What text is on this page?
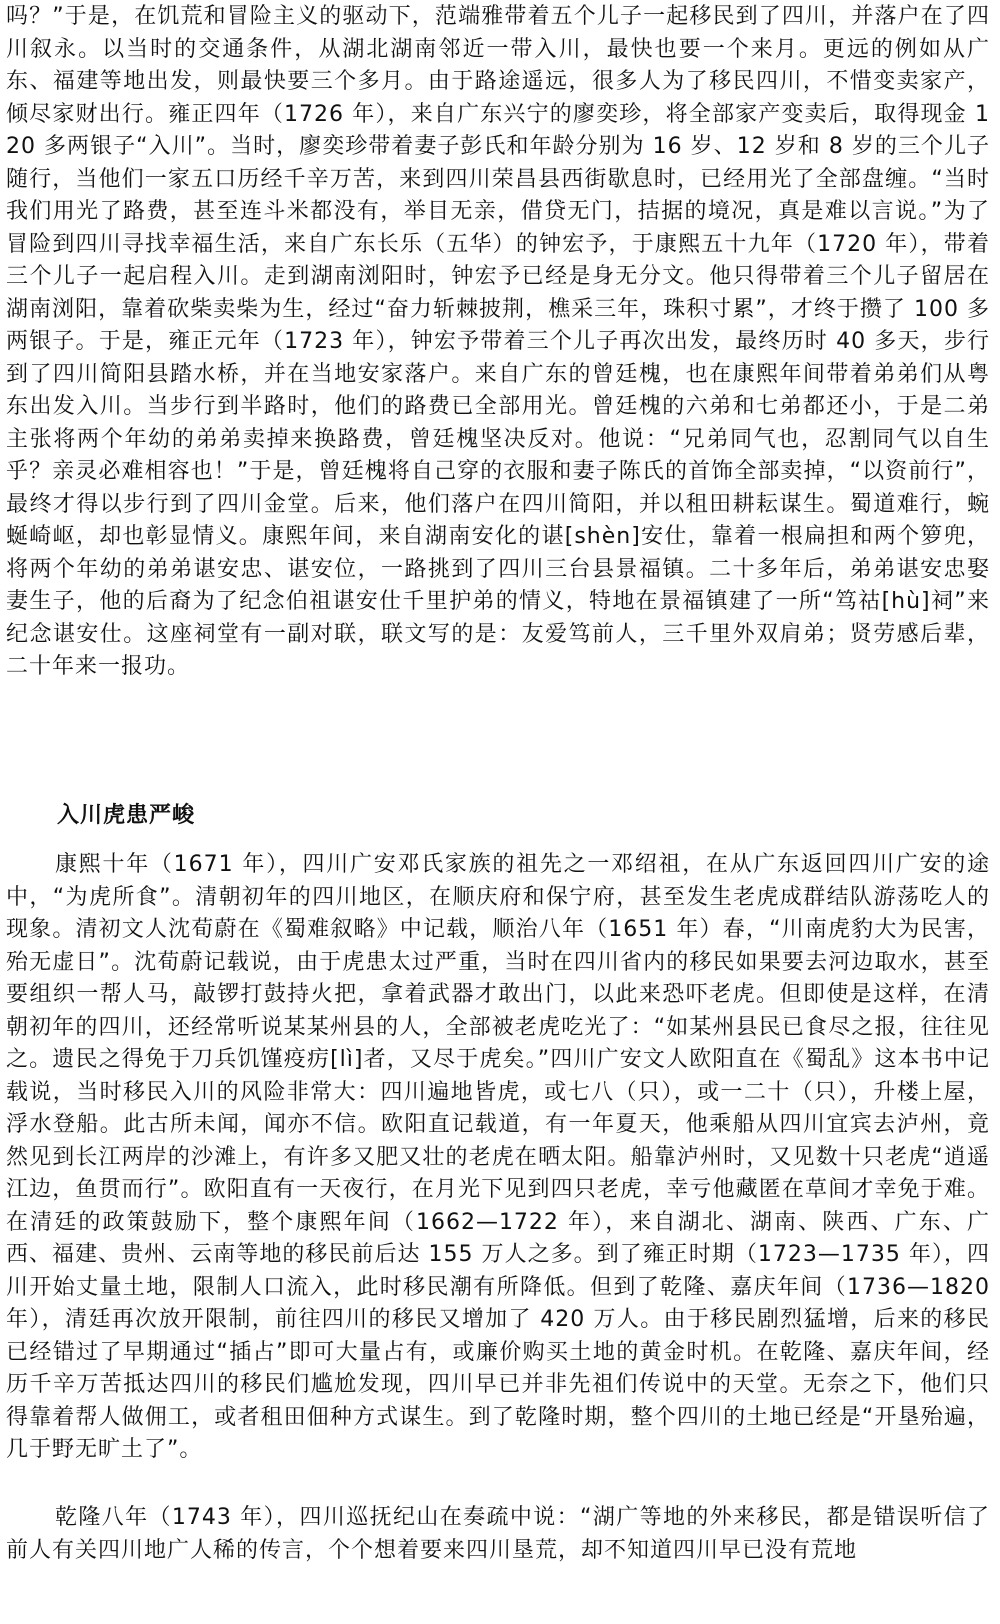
吗？”于是，在饥荒和冒险主义的驱动下，范端雅带着五个儿子一起移民到了四川，并落户在了四川叙永。以当时的交通条件，从湖北湖南邻近一带入川，最快也要一个来月。更远的例如从广东、福建等地出发，则最快要三个多月。由于路途遥远，很多人为了移民四川，不惜变卖家产，倾尽家财出行。雍正四年（1726 年），来自广东兴宁的廖奕珍，将全部家产变卖后，取得现金 120 多两银子“入川”。当时，廖奕珍带着妻子彭氏和年龄分别为 16 岁、12 岁和 8 岁的三个儿子随行，当他们一家五口历经千辛万苦，来到四川荣昌县西街歇息时，已经用光了全部盘缠。“当时我们用光了路费，甚至连斗米都没有，举目无亲，借贷无门，拮据的境况，真是难以言说。”为了冒险到四川寻找幸福生活，来自广东长乐（五华）的钟宏予，于康熙五十九年（1720 年），带着三个儿子一起启程入川。走到湖南浏阳时，钟宏予已经是身无分文。他只得带着三个儿子留居在湖南浏阳，靠着砍柴卖柴为生，经过“奋力斩棘披荆，樵采三年，珠积寸累”，才终于攒了 100 多两银子。于是，雍正元年（1723 年），钟宏予带着三个儿子再次出发，最终历时 40 多天，步行到了四川简阳县踏水桥，并在当地安家落户。来自广东的曾廷槐，也在康熙年间带着弟弟们从粤东出发入川。当步行到半路时，他们的路费已全部用光。曾廷槐的六弟和七弟都还小，于是二弟主张将两个年幼的弟弟卖掉来换路费，曾廷槐坚决反对。他说：“兄弟同气也，忍割同气以自生乎？亲灵必难相容也！”于是，曾廷槐将自己穿的衣服和妻子陈氏的首饰全部卖掉，“以资前行”，最终才得以步行到了四川金堂。后来，他们落户在四川简阳，并以租田耕耘谋生。蜀道难行，蜿蜒崎岖，却也彰显情义。康熙年间，来自湖南安化的谌[shèn]安仕，靠着一根扁担和两个箩兜，将两个年幼的弟弟谌安忠、谌安位，一路挑到了四川三台县景福镇。二十多年后，弟弟谌安忠娶妻生子，他的后裔为了纪念伯祖谌安仕千里护弟的情义，特地在景福镇建了一所“笃祜[hù]祠”来纪念谌安仕。这座祠堂有一副对联，联文写的是：友爱笃前人，三千里外双肩弟；贤劳感后辈，二十年来一报功。

入川虎患严峻

康熙十年（1671 年），四川广安邓氏家族的祖先之一邓绍祖，在从广东返回四川广安的途中，“为虎所食”。清朝初年的四川地区，在顺庆府和保宁府，甚至发生老虎成群结队游荡吃人的现象。清初文人沈荀蔚在《蜀难叙略》中记载，顺治八年（1651 年）春，“川南虎豹大为民害，殆无虚日”。沈荀蔚记载说，由于虎患太过严重，当时在四川省内的移民如果要去河边取水，甚至要组织一帮人马，敲锣打鼓持火把，拿着武器才敢出门，以此来恐吓老虎。但即使是这样，在清朝初年的四川，还经常听说某某州县的人，全部被老虎吃光了：“如某州县民已食尽之报，往往见之。遗民之得免于刀兵饥馑疫疠[lì]者，又尽于虎矣。”四川广安文人欧阳直在《蜀乱》这本书中记载说，当时移民入川的风险非常大：四川遍地皆虎，或七八（只），或一二十（只），升楼上屋，浮水登船。此古所未闻，闻亦不信。欧阳直记载道，有一年夏天，他乘船从四川宜宾去泸州，竟然见到长江两岸的沙滩上，有许多又肥又壮的老虎在晒太阳。船靠泸州时，又见数十只老虎“逍遥江边，鱼贯而行”。欧阳直有一天夜行，在月光下见到四只老虎，幸亏他藏匿在草间才幸免于难。在清廷的政策鼓励下，整个康熙年间（1662—1722 年），来自湖北、湖南、陕西、广东、广西、福建、贵州、云南等地的移民前后达 155 万人之多。到了雍正时期（1723—1735 年），四川开始丈量土地，限制人口流入，此时移民潮有所降低。但到了乾隆、嘉庆年间（1736—1820 年），清廷再次放开限制，前往四川的移民又增加了 420 万人。由于移民剧烈猛增，后来的移民已经错过了早期通过“插占”即可大量占有，或廉价购买土地的黄金时机。在乾隆、嘉庆年间，经历千辛万苦抵达四川的移民们尴尬发现，四川早已并非先祖们传说中的天堂。无奈之下，他们只得靠着帮人做佣工，或者租田佃种方式谋生。到了乾隆时期，整个四川的土地已经是“开垦殆遍，几于野无旷土了”。

乾隆八年（1743 年），四川巡抚纪山在奏疏中说：“湖广等地的外来移民，都是错误听信了前人有关四川地广人稀的传言，个个想着要来四川垦荒，却不知道四川早已没有荒地
